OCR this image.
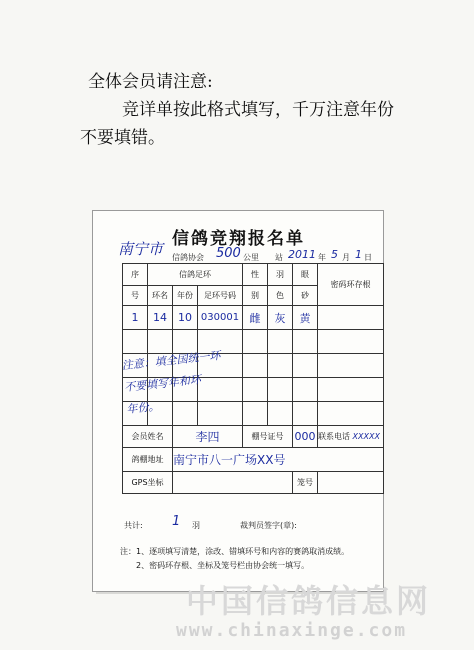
全体会员请注意:
竞详单按此格式填写，千万注意年份
不要填错。
信鸽竞翔报名单
南宁市 信鸽协会 500 公里 站 2011 年 5 月 1 日
序	信鸽足环			性	羽	眼	密码环存根
号	环名	年份	足环号码	别	色	砂	
1	14	10	030001	雌	灰	黄	

会员姓名		李四		棚号证号		000	联系电话 XXXXX
鸽棚地址		南宁市八一广场XX号					
GPS坐标						笼号	
注意：填全国统一环
不要填写年和环
年份。
共计: 1 羽	裁判员签字(章):
注：1、逐项填写清楚，涂改、错填环号和内容的赛鸽取消成绩。
2、密码环存根、坐标及笼号栏由协会统一填写。
中国信鸽信息网
www.chinaxinge.com
